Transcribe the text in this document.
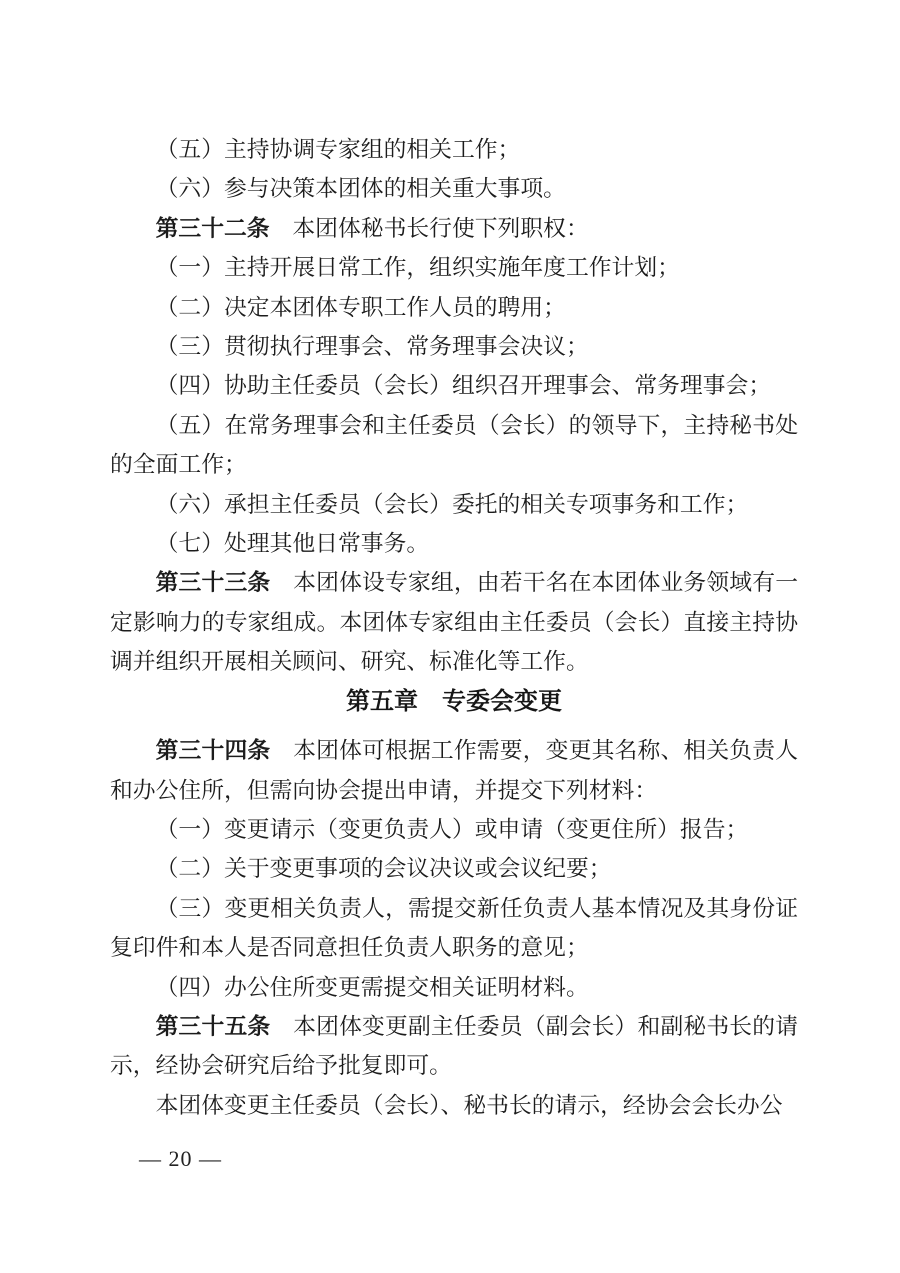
（五）主持协调专家组的相关工作；

（六）参与决策本团体的相关重大事项。

第三十二条 本团体秘书长行使下列职权：

（一）主持开展日常工作，组织实施年度工作计划；

（二）决定本团体专职工作人员的聘用；

（三）贯彻执行理事会、常务理事会决议；

（四）协助主任委员（会长）组织召开理事会、常务理事会；

（五）在常务理事会和主任委员（会长）的领导下，主持秘书处的全面工作；

（六）承担主任委员（会长）委托的相关专项事务和工作；

（七）处理其他日常事务。

第三十三条 本团体设专家组，由若干名在本团体业务领域有一定影响力的专家组成。本团体专家组由主任委员（会长）直接主持协调并组织开展相关顾问、研究、标准化等工作。

第五章 专委会变更

第三十四条 本团体可根据工作需要，变更其名称、相关负责人和办公住所，但需向协会提出申请，并提交下列材料：

（一）变更请示（变更负责人）或申请（变更住所）报告；

（二）关于变更事项的会议决议或会议纪要；

（三）变更相关负责人，需提交新任负责人基本情况及其身份证复印件和本人是否同意担任负责人职务的意见；

（四）办公住所变更需提交相关证明材料。

第三十五条 本团体变更副主任委员（副会长）和副秘书长的请示，经协会研究后给予批复即可。

本团体变更主任委员（会长）、秘书长的请示，经协会会长办公

— 20 —
